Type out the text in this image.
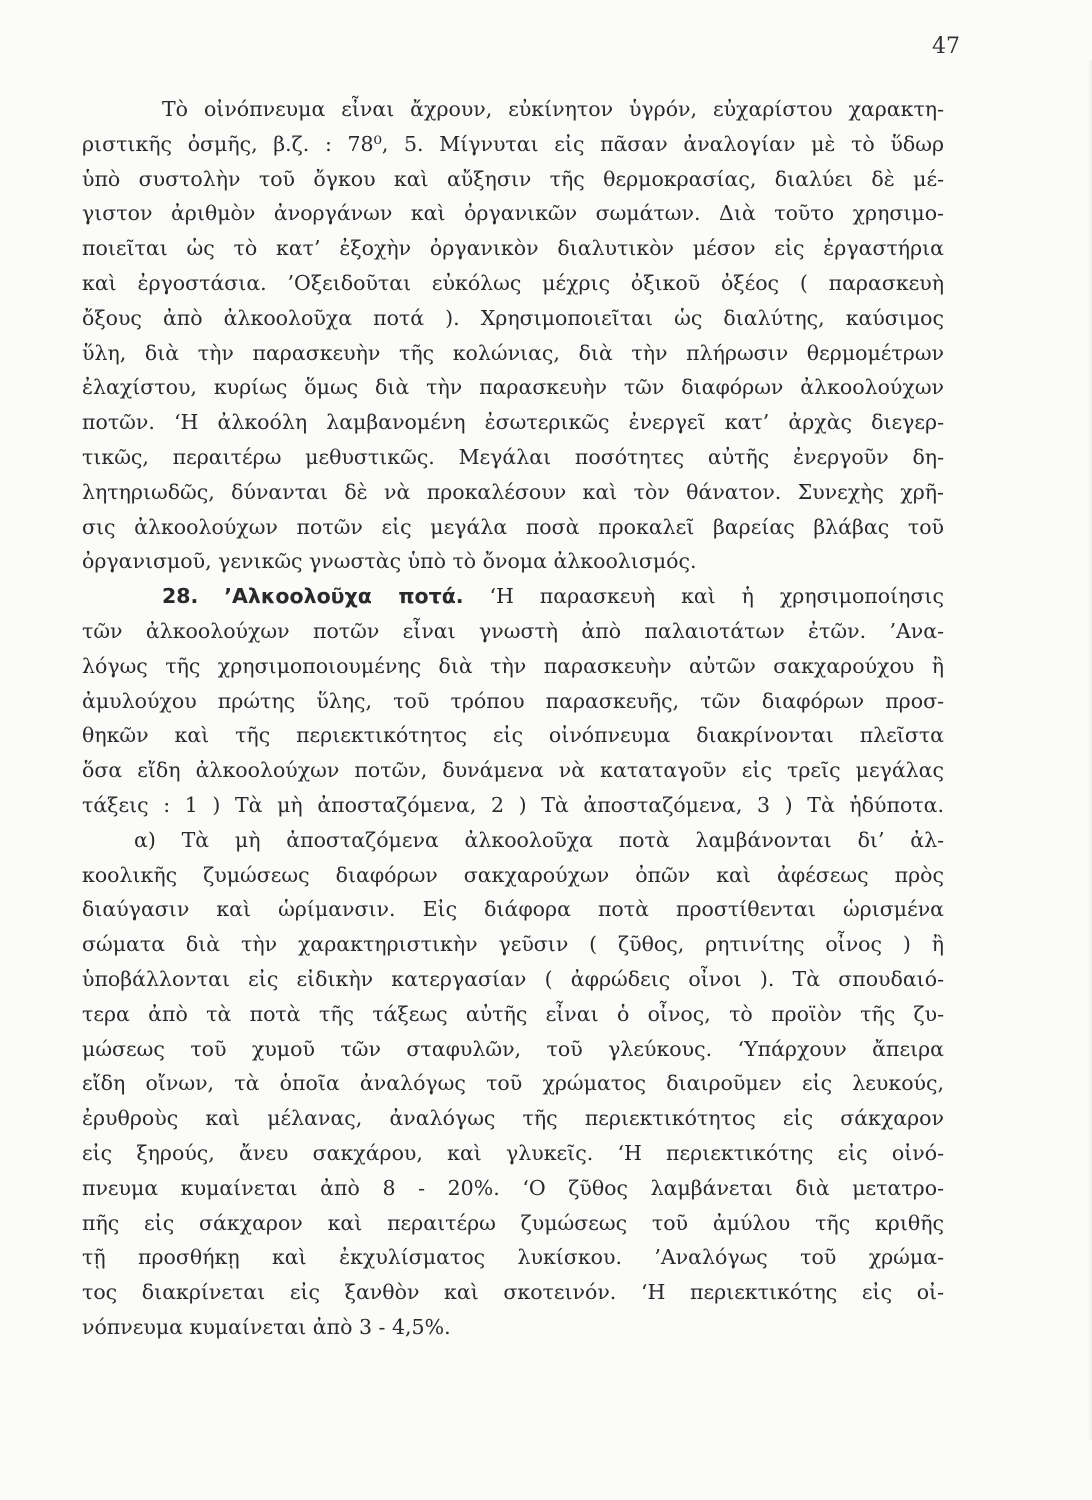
47
Τὸ οἰνόπνευμα εἶναι ἄχρουν, εὐκίνητον ὑγρόν, εὐχαρίστου χαρακτη-
ριστικῆς ὀσμῆς, β.ζ. : 78⁰, 5. Μίγνυται εἰς πᾶσαν ἀναλογίαν μὲ τὸ ὕδωρ
ὑπὸ συστολὴν τοῦ ὄγκου καὶ αὔξησιν τῆς θερμοκρασίας, διαλύει δὲ μέ-
γιστον ἀριθμὸν ἀνοργάνων καὶ ὀργανικῶν σωμάτων. Διὰ τοῦτο χρησιμο-
ποιεῖται ὡς τὸ κατ’ ἐξοχὴν ὀργανικὸν διαλυτικὸν μέσον εἰς ἐργαστήρια
καὶ ἐργοστάσια. ’Οξειδοῦται εὐκόλως μέχρις ὀξικοῦ ὀξέος ( παρασκευὴ
ὄξους ἀπὸ ἀλκοολοῦχα ποτά ). Χρησιμοποιεῖται ὡς διαλύτης, καύσιμος
ὕλη, διὰ τὴν παρασκευὴν τῆς κολώνιας, διὰ τὴν πλήρωσιν θερμομέτρων
ἐλαχίστου, κυρίως ὅμως διὰ τὴν παρασκευὴν τῶν διαφόρων ἀλκοολούχων
ποτῶν. ‘Η ἀλκοόλη λαμβανομένη ἐσωτερικῶς ἐνεργεῖ κατ’ ἀρχὰς διεγερ-
τικῶς, περαιτέρω μεθυστικῶς. Μεγάλαι ποσότητες αὐτῆς ἐνεργοῦν δη-
λητηριωδῶς, δύνανται δὲ νὰ προκαλέσουν καὶ τὸν θάνατον. Συνεχὴς χρῆ-
σις ἀλκοολούχων ποτῶν εἰς μεγάλα ποσὰ προκαλεῖ βαρείας βλάβας τοῦ
ὀργανισμοῦ, γενικῶς γνωστὰς ὑπὸ τὸ ὄνομα ἀλκοολισμός.
28. ’Αλκοολοῦχα ποτά. ‘Η παρασκευὴ καὶ ἡ χρησιμοποίησις
τῶν ἀλκοολούχων ποτῶν εἶναι γνωστὴ ἀπὸ παλαιοτάτων ἐτῶν. ’Ανα-
λόγως τῆς χρησιμοποιουμένης διὰ τὴν παρασκευὴν αὐτῶν σακχαρούχου ἢ
ἀμυλούχου πρώτης ὕλης, τοῦ τρόπου παρασκευῆς, τῶν διαφόρων προσ-
θηκῶν καὶ τῆς περιεκτικότητος εἰς οἰνόπνευμα διακρίνονται πλεῖστα
ὅσα εἴδη ἀλκοολούχων ποτῶν, δυνάμενα νὰ καταταγοῦν εἰς τρεῖς μεγάλας
τάξεις : 1 ) Τὰ μὴ ἀποσταζόμενα, 2 ) Τὰ ἀποσταζόμενα, 3 ) Τὰ ἡδύποτα.
α) Τὰ μὴ ἀποσταζόμενα ἀλκοολοῦχα ποτὰ λαμβάνονται δι’ ἀλ-
κοολικῆς ζυμώσεως διαφόρων σακχαρούχων ὀπῶν καὶ ἀφέσεως πρὸς
διαύγασιν καὶ ὡρίμανσιν. Εἰς διάφορα ποτὰ προστίθενται ὡρισμένα
σώματα διὰ τὴν χαρακτηριστικὴν γεῦσιν ( ζῦθος, ρητινίτης οἶνος ) ἢ
ὑποβάλλονται εἰς εἰδικὴν κατεργασίαν ( ἀφρώδεις οἶνοι ). Τὰ σπουδαιό-
τερα ἀπὸ τὰ ποτὰ τῆς τάξεως αὐτῆς εἶναι ὁ οἶνος, τὸ προϊὸν τῆς ζυ-
μώσεως τοῦ χυμοῦ τῶν σταφυλῶν, τοῦ γλεύκους. ‘Υπάρχουν ἄπειρα
εἴδη οἴνων, τὰ ὁποῖα ἀναλόγως τοῦ χρώματος διαιροῦμεν εἰς λευκούς,
ἐρυθροὺς καὶ μέλανας, ἀναλόγως τῆς περιεκτικότητος εἰς σάκχαρον
εἰς ξηρούς, ἄνευ σακχάρου, καὶ γλυκεῖς. ‘Η περιεκτικότης εἰς οἰνό-
πνευμα κυμαίνεται ἀπὸ 8 - 20%. ‘Ο ζῦθος λαμβάνεται διὰ μετατρο-
πῆς εἰς σάκχαρον καὶ περαιτέρω ζυμώσεως τοῦ ἀμύλου τῆς κριθῆς
τῇ προσθήκῃ καὶ ἐκχυλίσματος λυκίσκου. ’Αναλόγως τοῦ χρώμα-
τος διακρίνεται εἰς ξανθὸν καὶ σκοτεινόν. ‘Η περιεκτικότης εἰς οἰ-
νόπνευμα κυμαίνεται ἀπὸ 3 - 4,5%.
